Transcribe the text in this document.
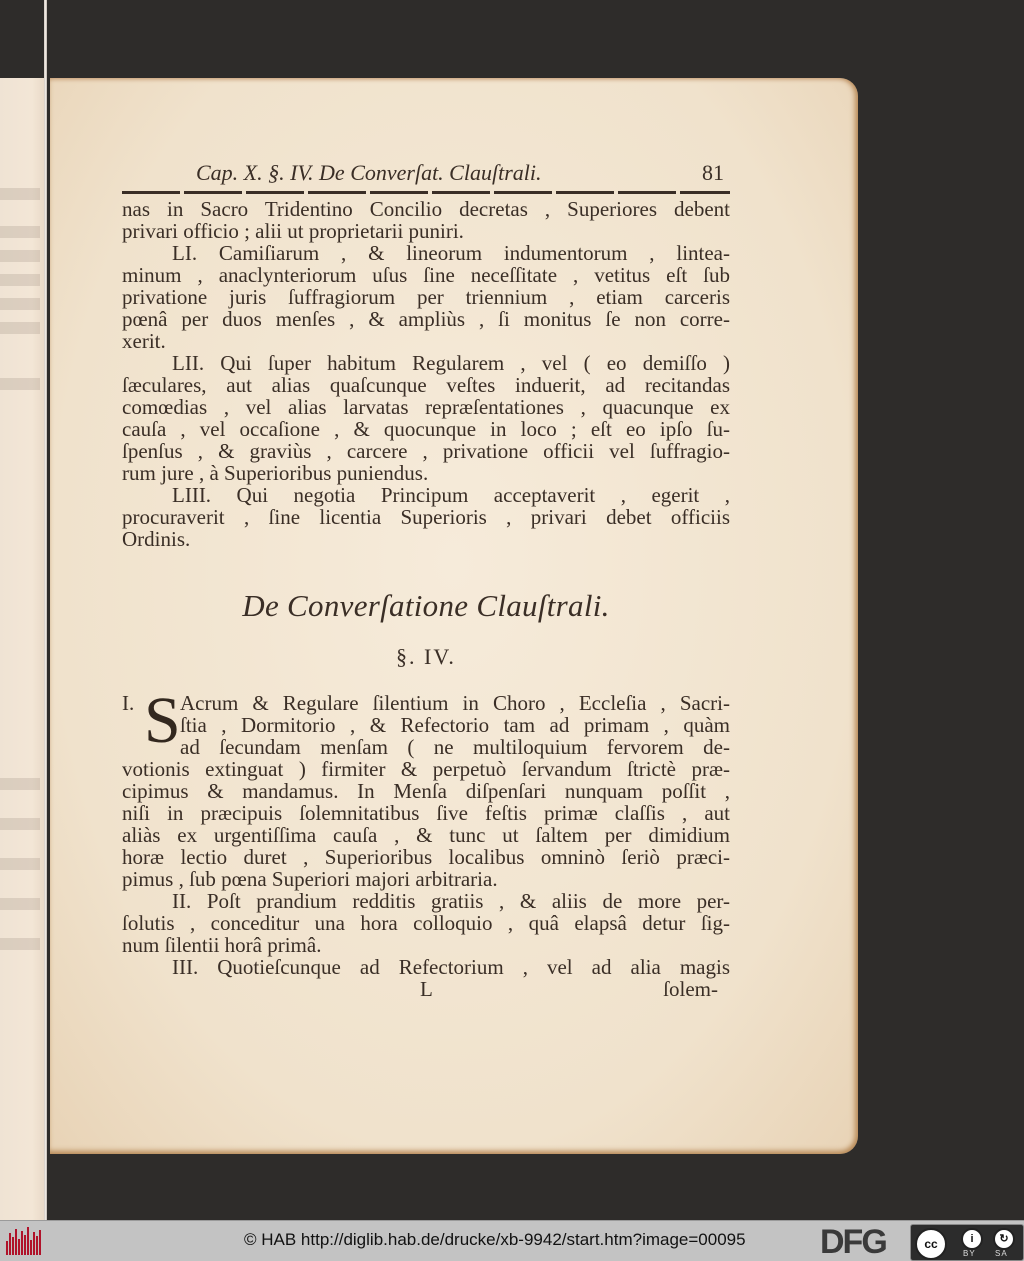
Cap. X. §. IV. De Converſat. Clauſtrali.	81
nas in Sacro Tridentino Concilio decretas , Superiores debent
privari officio ; alii ut proprietarii puniri.
LI. Camiſiarum , & lineorum indumentorum , lintea-
minum , anaclynteriorum uſus ſine neceſſitate , vetitus eſt ſub
privatione juris ſuffragiorum per triennium , etiam carceris
pœnâ per duos menſes , & ampliùs , ſi monitus ſe non corre-
xerit.
LII. Qui ſuper habitum Regularem , vel ( eo demiſſo )
ſæculares, aut alias quaſcunque veſtes induerit, ad recitandas
comœdias , vel alias larvatas repræſentationes , quacunque ex
cauſa , vel occaſione , & quocunque in loco ; eſt eo ipſo ſu-
ſpenſus , & graviùs , carcere , privatione officii vel ſuffragio-
rum jure , à Superioribus puniendus.
LIII. Qui negotia Principum acceptaverit , egerit ,
procuraverit , ſine licentia Superioris , privari debet officiis
Ordinis.
De Converſatione Clauſtrali.
§. IV.
I. S Acrum & Regulare ſilentium in Choro , Eccleſia , Sacri-
ſtia , Dormitorio , & Refectorio tam ad primam , quàm
ad ſecundam menſam ( ne multiloquium fervorem de-
votionis extinguat ) firmiter & perpetuò ſervandum ſtrictè præ-
cipimus & mandamus. In Menſa diſpenſari nunquam poſſit ,
niſi in præcipuis ſolemnitatibus ſive feſtis primæ claſſis , aut
aliàs ex urgentiſſima cauſa , & tunc ut ſaltem per dimidium
horæ lectio duret , Superioribus localibus omninò ſeriò præci-
pimus , ſub pœna Superiori majori arbitraria.
II. Poſt prandium redditis gratiis , & aliis de more per-
ſolutis , conceditur una hora colloquio , quâ elapsâ detur ſig-
num ſilentii horâ primâ.
III. Quotieſcunque ad Refectorium , vel ad alia magis
L	ſolem-
© HAB http://diglib.hab.de/drucke/xb-9942/start.htm?image=00095 DFG	cc	i	↻
BY SA
